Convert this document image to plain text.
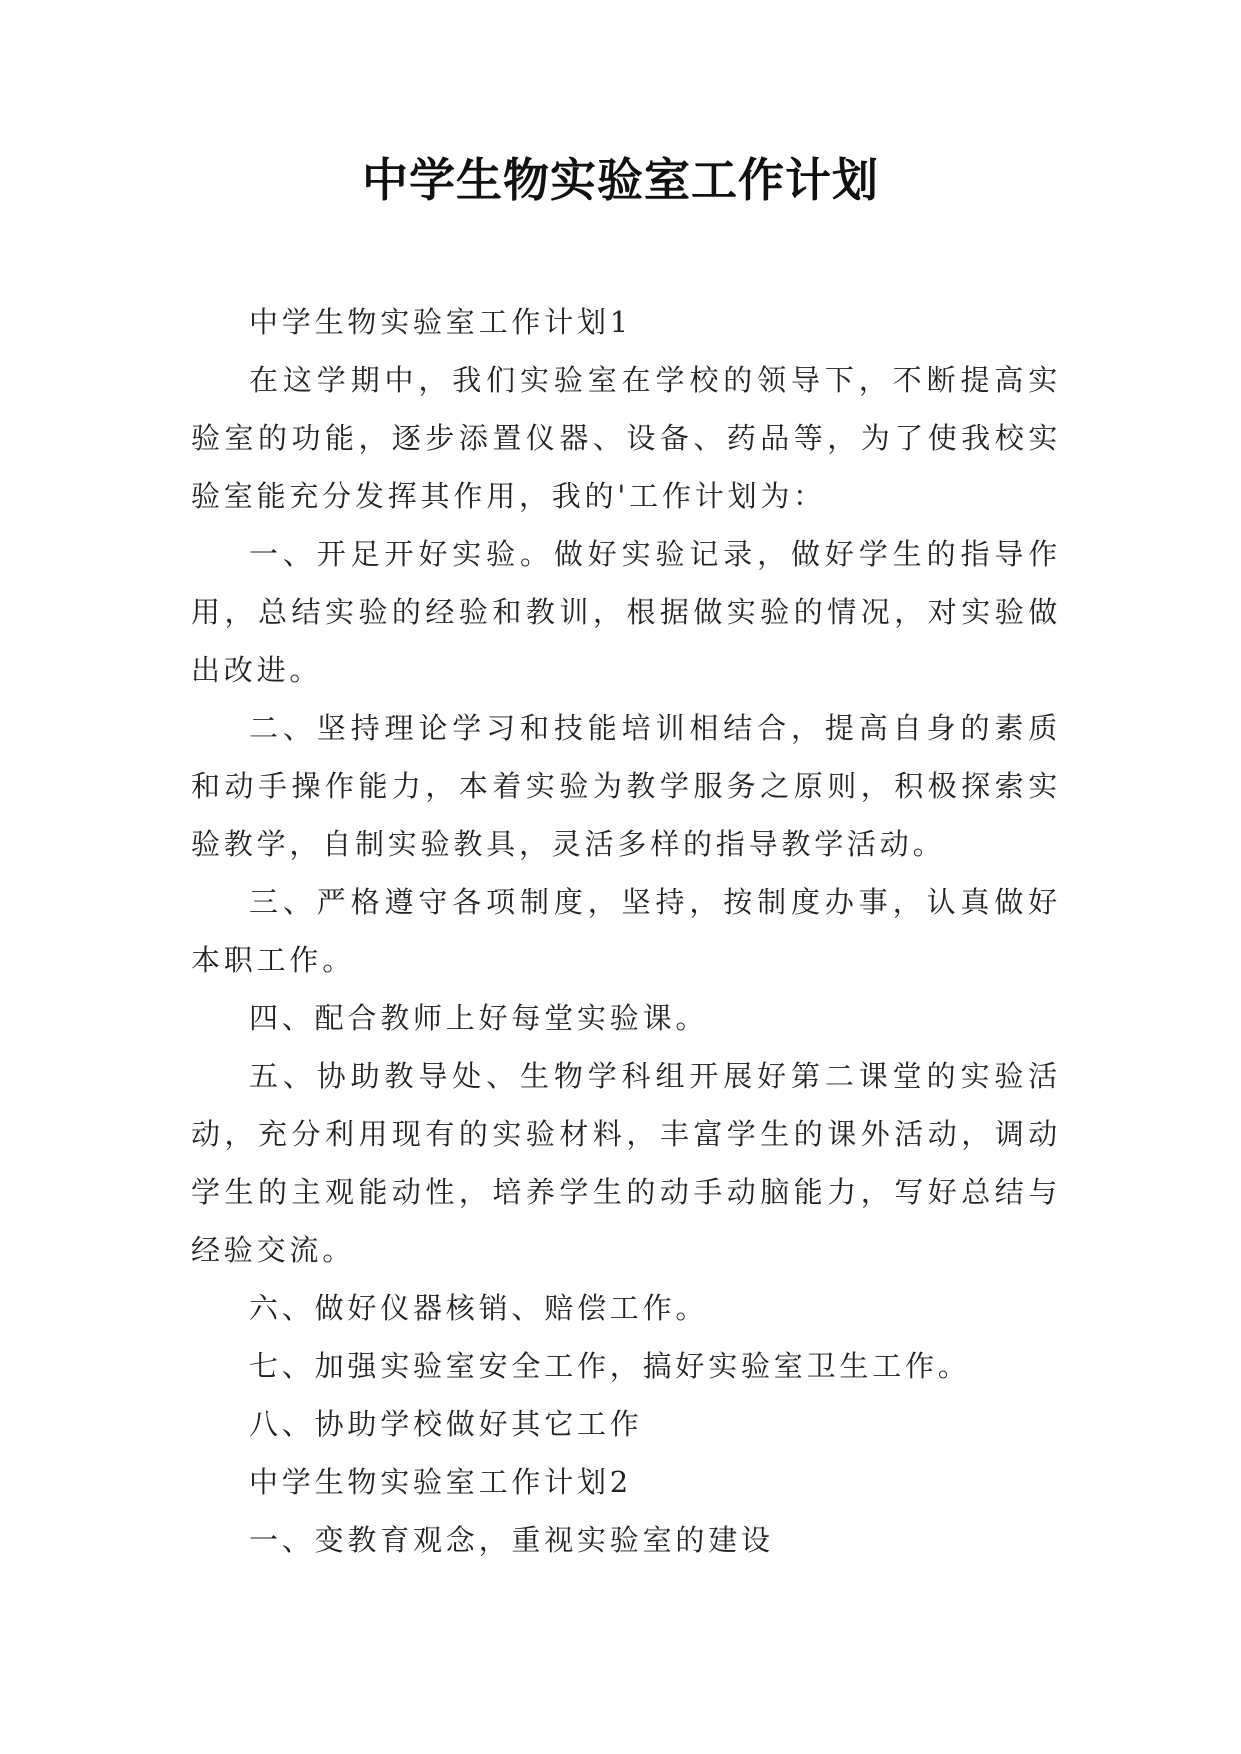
中学生物实验室工作计划

中学生物实验室工作计划1

在这学期中，我们实验室在学校的领导下，不断提高实验室的功能，逐步添置仪器、设备、药品等，为了使我校实验室能充分发挥其作用，我的'工作计划为：

一、开足开好实验。做好实验记录，做好学生的指导作用，总结实验的经验和教训，根据做实验的情况，对实验做出改进。

二、坚持理论学习和技能培训相结合，提高自身的素质和动手操作能力，本着实验为教学服务之原则，积极探索实验教学，自制实验教具，灵活多样的指导教学活动。

三、严格遵守各项制度，坚持，按制度办事，认真做好本职工作。

四、配合教师上好每堂实验课。

五、协助教导处、生物学科组开展好第二课堂的实验活动，充分利用现有的实验材料，丰富学生的课外活动，调动学生的主观能动性，培养学生的动手动脑能力，写好总结与经验交流。

六、做好仪器核销、赔偿工作。

七、加强实验室安全工作，搞好实验室卫生工作。

八、协助学校做好其它工作

中学生物实验室工作计划2

一、变教育观念，重视实验室的建设
